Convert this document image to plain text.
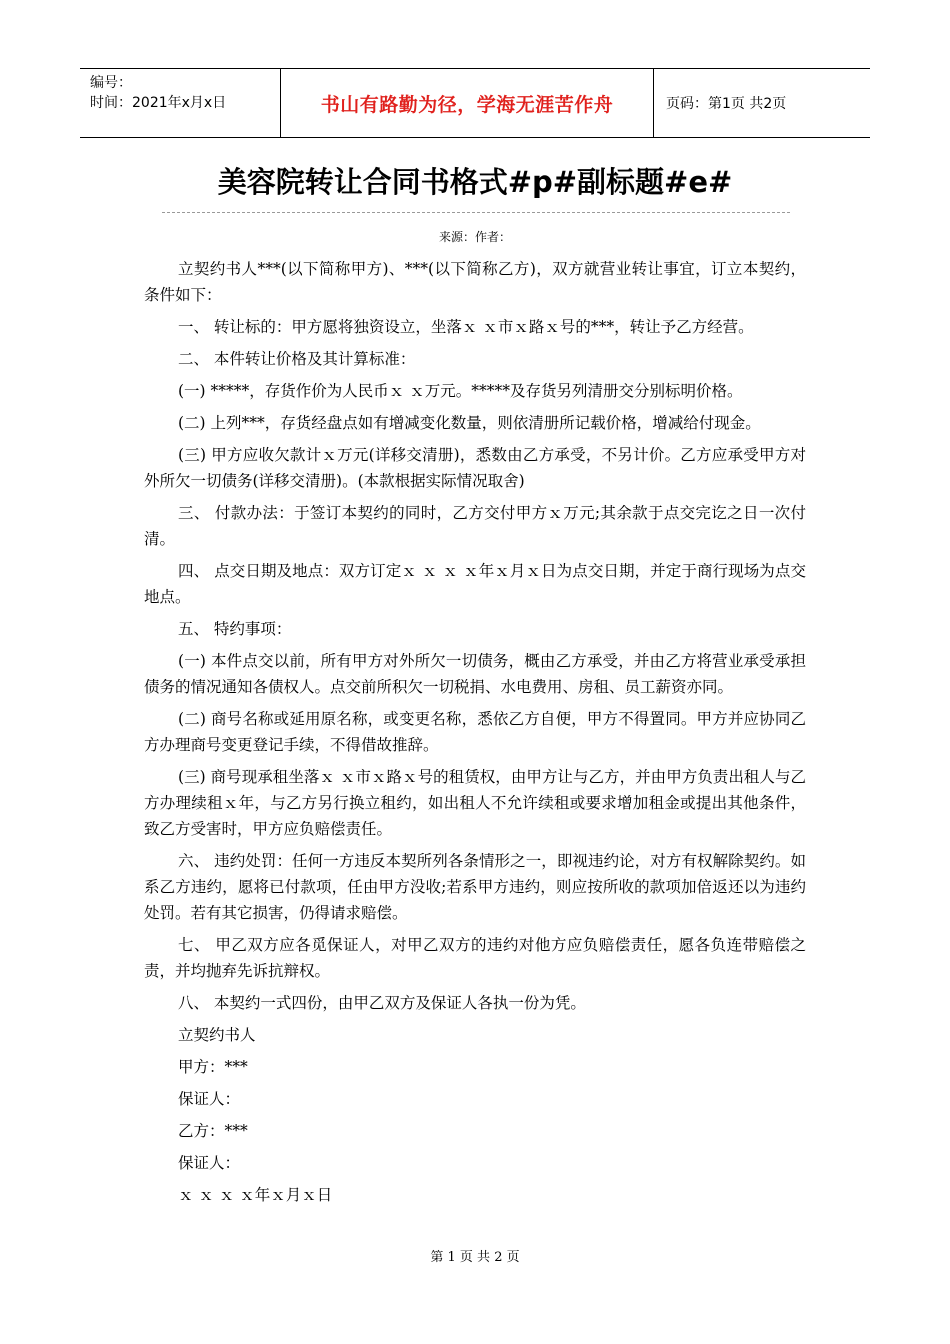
编号：
时间：2021年x月x日	书山有路勤为径，学海无涯苦作舟	页码：第1页 共2页
美容院转让合同书格式#p#副标题#e#
来源：作者：

立契约书人***(以下简称甲方)、***(以下简称乙方)，双方就营业转让事宜，订立本契约，条件如下：

一、 转让标的：甲方愿将独资设立，坐落ｘ ｘ市ｘ路ｘ号的***，转让予乙方经营。

二、 本件转让价格及其计算标准：

(一) *****，存货作价为人民币ｘ ｘ万元。*****及存货另列清册交分别标明价格。

(二) 上列***，存货经盘点如有增减变化数量，则依清册所记载价格，增减给付现金。

(三) 甲方应收欠款计ｘ万元(详移交清册)，悉数由乙方承受，不另计价。乙方应承受甲方对外所欠一切债务(详移交清册)。(本款根据实际情况取舍)

三、 付款办法：于签订本契约的同时，乙方交付甲方ｘ万元;其余款于点交完讫之日一次付清。

四、 点交日期及地点：双方订定ｘ ｘ ｘ ｘ年ｘ月ｘ日为点交日期，并定于商行现场为点交地点。

五、 特约事项：

(一) 本件点交以前，所有甲方对外所欠一切债务，概由乙方承受，并由乙方将营业承受承担债务的情况通知各债权人。点交前所积欠一切税捐、水电费用、房租、员工薪资亦同。

(二) 商号名称或延用原名称，或变更名称，悉依乙方自便，甲方不得置同。甲方并应协同乙方办理商号变更登记手续，不得借故推辞。

(三) 商号现承租坐落ｘ ｘ市ｘ路ｘ号的租赁权，由甲方让与乙方，并由甲方负责出租人与乙方办理续租ｘ年，与乙方另行换立租约，如出租人不允许续租或要求增加租金或提出其他条件，致乙方受害时，甲方应负赔偿责任。

六、 违约处罚：任何一方违反本契所列各条情形之一，即视违约论，对方有权解除契约。如系乙方违约，愿将已付款项，任由甲方没收;若系甲方违约，则应按所收的款项加倍返还以为违约处罚。若有其它损害，仍得请求赔偿。

七、 甲乙双方应各觅保证人，对甲乙双方的违约对他方应负赔偿责任，愿各负连带赔偿之责，并均抛弃先诉抗辩权。

八、 本契约一式四份，由甲乙双方及保证人各执一份为凭。

立契约书人

甲方：***

保证人：

乙方：***

保证人：

ｘ ｘ ｘ ｘ年ｘ月ｘ日

第 1 页 共 2 页
